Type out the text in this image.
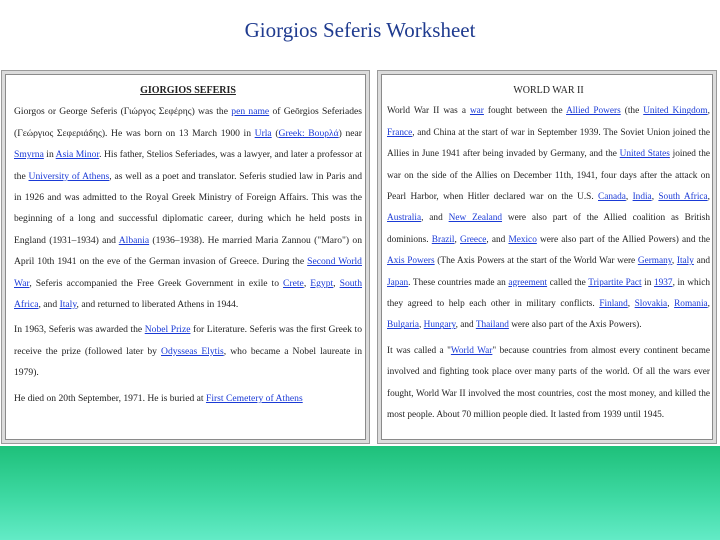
Giorgios Seferis Worksheet
GIORGIOS SEFERIS

Giorgos or George Seferis (Γιώργος Σεφέρης) was the pen name of Geōrgios Seferiades (Γεώργιος Σεφεριάδης). He was born on 13 March 1900 in Urla (Greek: Βουρλά) near Smyrna in Asia Minor. His father, Stelios Seferiades, was a lawyer, and later a professor at the University of Athens, as well as a poet and translator. Seferis studied law in Paris and in 1926 and was admitted to the Royal Greek Ministry of Foreign Affairs. This was the beginning of a long and successful diplomatic career, during which he held posts in England (1931–1934) and Albania (1936–1938). He married Maria Zannou ("Maro") on April 10th 1941 on the eve of the German invasion of Greece. During the Second World War, Seferis accompanied the Free Greek Government in exile to Crete, Egypt, South Africa, and Italy, and returned to liberated Athens in 1944.

In 1963, Seferis was awarded the Nobel Prize for Literature. Seferis was the first Greek to receive the prize (followed later by Odysseas Elytis, who became a Nobel laureate in 1979).

He died on 20th September, 1971. He is buried at First Cemetery of Athens

WORLD WAR II

World War II was a war fought between the Allied Powers (the United Kingdom, France, and China at the start of war in September 1939. The Soviet Union joined the Allies in June 1941 after being invaded by Germany, and the United States joined the war on the side of the Allies on December 11th, 1941, four days after the attack on Pearl Harbor, when Hitler declared war on the U.S. Canada, India, South Africa, Australia, and New Zealand were also part of the Allied coalition as British dominions. Brazil, Greece, and Mexico were also part of the Allied Powers) and the Axis Powers (The Axis Powers at the start of the World War were Germany, Italy and Japan. These countries made an agreement called the Tripartite Pact in 1937, in which they agreed to help each other in military conflicts. Finland, Slovakia, Romania, Bulgaria, Hungary, and Thailand were also part of the Axis Powers).

It was called a "World War" because countries from almost every continent became involved and fighting took place over many parts of the world. Of all the wars ever fought, World War II involved the most countries, cost the most money, and killed the most people. About 70 million people died. It lasted from 1939 until 1945.
